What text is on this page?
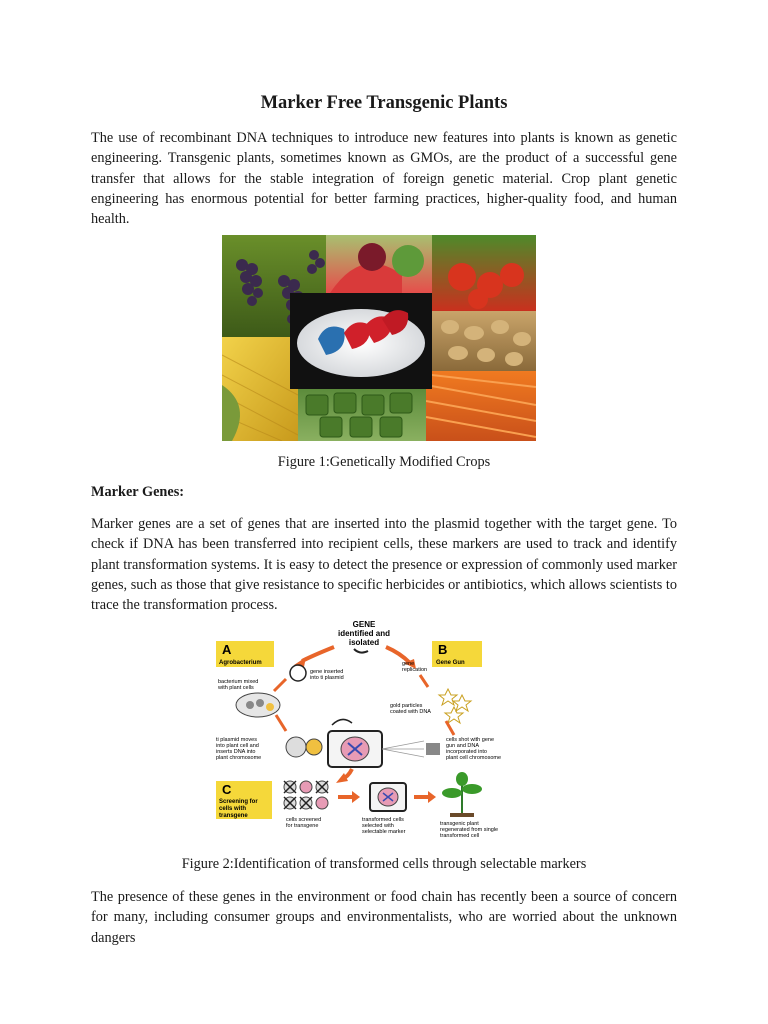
Marker Free Transgenic Plants
The use of recombinant DNA techniques to introduce new features into plants is known as genetic engineering. Transgenic plants, sometimes known as GMOs, are the product of a successful gene transfer that allows for the stable integration of foreign genetic material. Crop plant genetic engineering has enormous potential for better farming practices, higher-quality food, and human health.
Figure 1:Genetically Modified Crops
Marker Genes:
Marker genes are a set of genes that are inserted into the plasmid together with the target gene. To check if DNA has been transferred into recipient cells, these markers are used to track and identify plant transformation systems. It is easy to detect the presence or expression of commonly used marker genes, such as those that give resistance to specific herbicides or antibiotics, which allows scientists to trace the transformation process.
GENE
identified and
isolated
A
Agrobacterium
B
Gene Gun
gene inserted
into ti plasmid
gene
replication
bacterium mixed
with plant cells
gold particles
coated with DNA
ti plasmid moves
into plant cell and
inserts DNA into
plant chromosome
cells shot with gene
gun and DNA
incorporated into
plant cell chromosome
C
Screening for
cells with
transgene
cells screened
for transgene
transformed cells
selected with
selectable marker
transgenic plant
regenerated from single
transformed cell
Figure 2:Identification of transformed cells through selectable markers
The presence of these genes in the environment or food chain has recently been a source of concern for many, including consumer groups and environmentalists, who are worried about the unknown dangers
